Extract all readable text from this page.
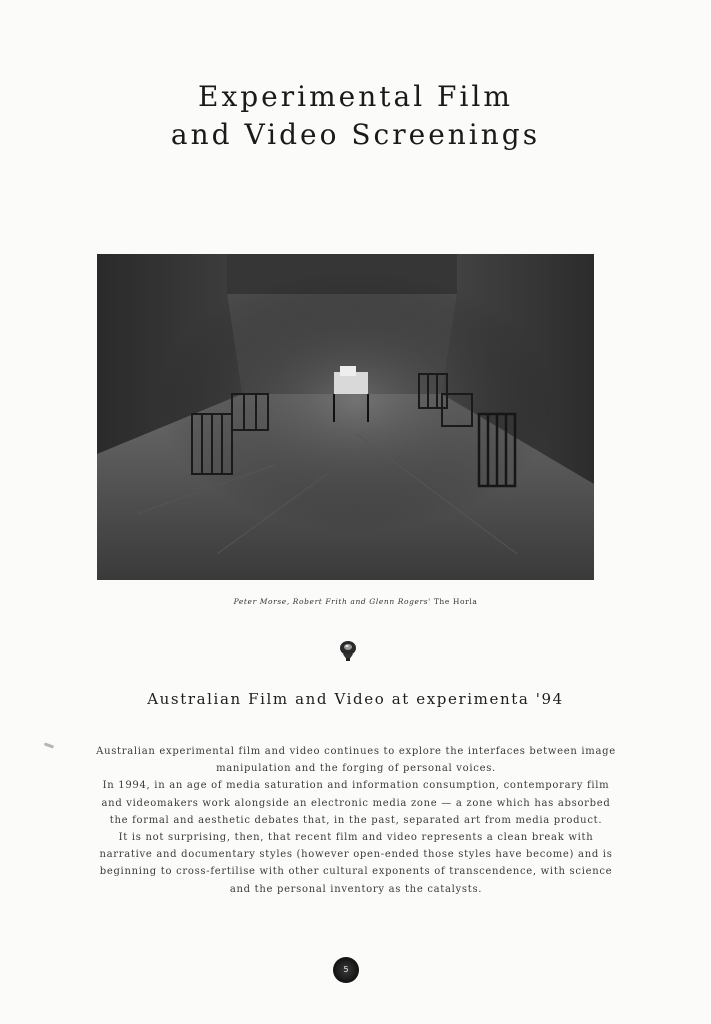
Experimental Film
and Video Screenings
Peter Morse, Robert Frith and Glenn Rogers' The Horla
Australian Film and Video at experimenta '94

Australian experimental film and video continues to explore the interfaces between image manipulation and the forging of personal voices.

In 1994, in an age of media saturation and information consumption, contemporary film and videomakers work alongside an electronic media zone — a zone which has absorbed the formal and aesthetic debates that, in the past, separated art from media product.

It is not surprising, then, that recent film and video represents a clean break with narrative and documentary styles (however open-ended those styles have become) and is beginning to cross-fertilise with other cultural exponents of transcendence, with science and the personal inventory as the catalysts.

5
